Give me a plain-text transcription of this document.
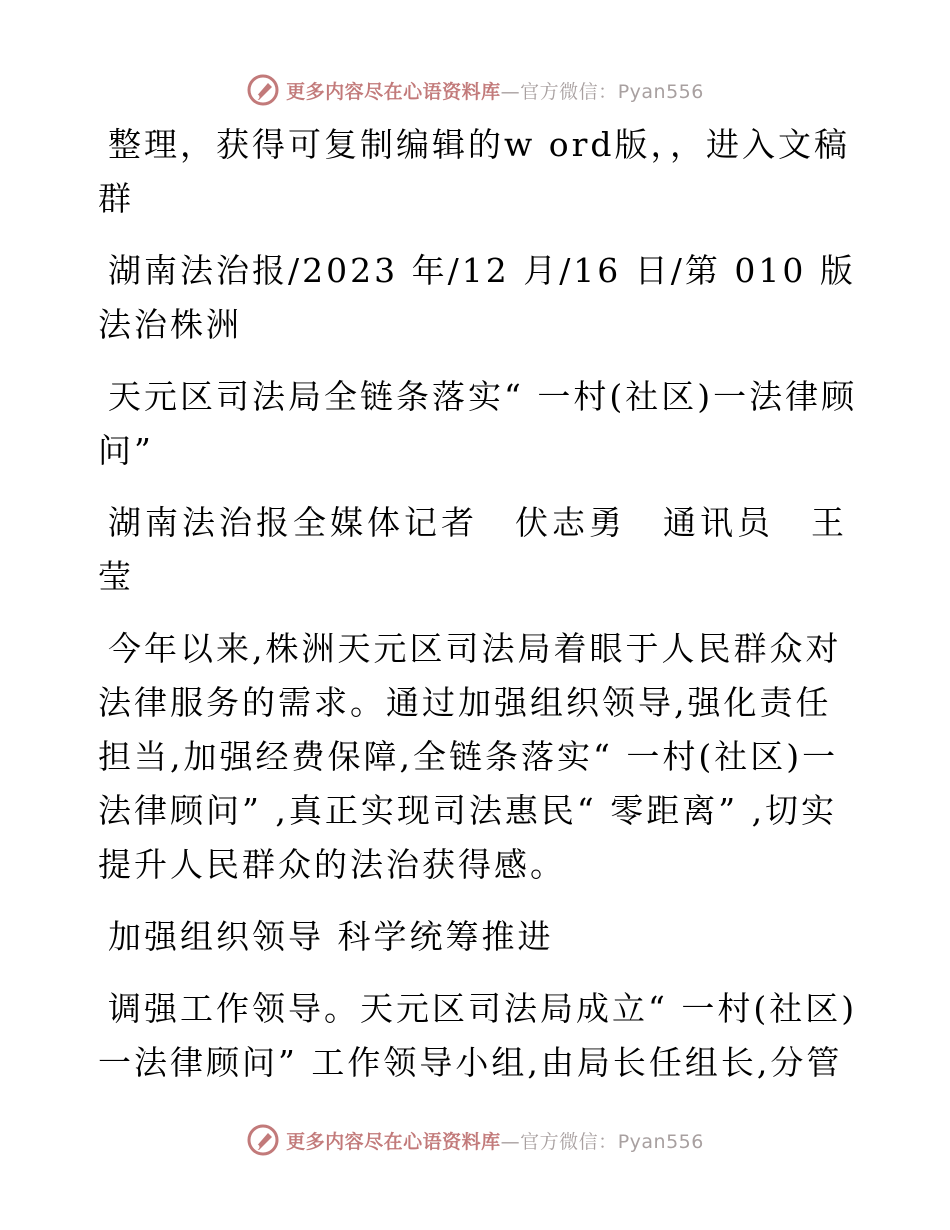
更多内容尽在心语资料库—官方微信：Pyan556

整理，获得可复制编辑的w ord版，，进入文稿群

湖南法治报/2023 年/12 月/16 日/第 010 版法治株洲

天元区司法局全链条落实“ 一村(社区)一法律顾问”

湖南法治报全媒体记者　伏志勇　通讯员　王莹

今年以来,株洲天元区司法局着眼于人民群众对法律服务的需求。通过加强组织领导,强化责任担当,加强经费保障,全链条落实“ 一村(社区)一法律顾问” ,真正实现司法惠民“ 零距离” ,切实提升人民群众的法治获得感。

加强组织领导 科学统筹推进

调强工作领导。天元区司法局成立“ 一村(社区)一法律顾问” 工作领导小组,由局长任组长,分管

更多内容尽在心语资料库—官方微信：Pyan556
